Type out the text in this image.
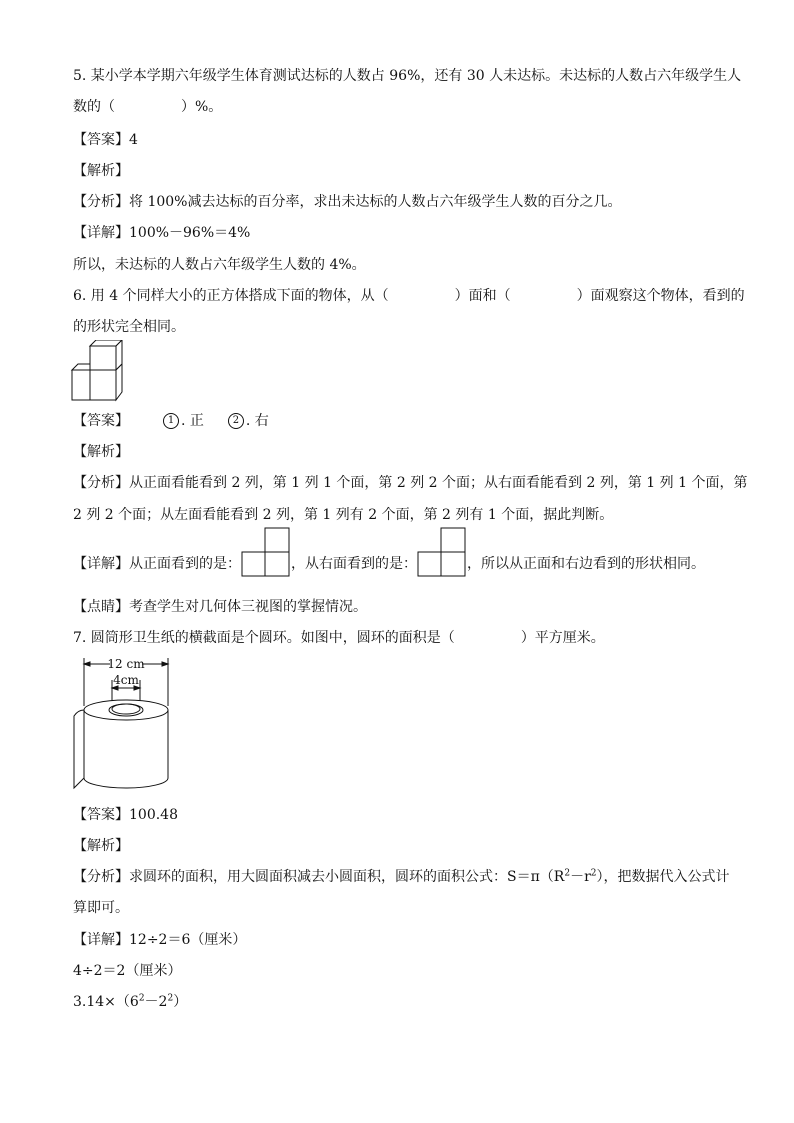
5. 某小学本学期六年级学生体育测试达标的人数占 96%，还有 30 人未达标。未达标的人数占六年级学生人
数的（	）%。
【答案】4
【解析】
【分析】将 100%减去达标的百分率，求出未达标的人数占六年级学生人数的百分之几。
【详解】100%－96%＝4%
所以，未达标的人数占六年级学生人数的 4%。
6. 用 4 个同样大小的正方体搭成下面的物体，从（	）面和（	）面观察这个物体，看到的
的形状完全相同。
【答案】	1 . 正	2 . 右
【解析】
【分析】从正面看能看到 2 列，第 1 列 1 个面，第 2 列 2 个面；从右面看能看到 2 列，第 1 列 1 个面，第
2 列 2 个面；从左面看能看到 2 列，第 1 列有 2 个面，第 2 列有 1 个面，据此判断。
【详解】从正面看到的是：	，从右面看到的是：	，所以从正面和右边看到的形状相同。
【点睛】考查学生对几何体三视图的掌握情况。
7. 圆筒形卫生纸的横截面是个圆环。如图中，圆环的面积是（	）平方厘米。
12 cm
4cm
【答案】100.48
【解析】
【分析】求圆环的面积，用大圆面积减去小圆面积，圆环的面积公式：$S=\pi(R^2-r^2)$，把数据代入公式计
算即可。
【详解】12÷2＝6（厘米）
4÷2＝2（厘米）
$3.14\times(6^2-2^2)$
